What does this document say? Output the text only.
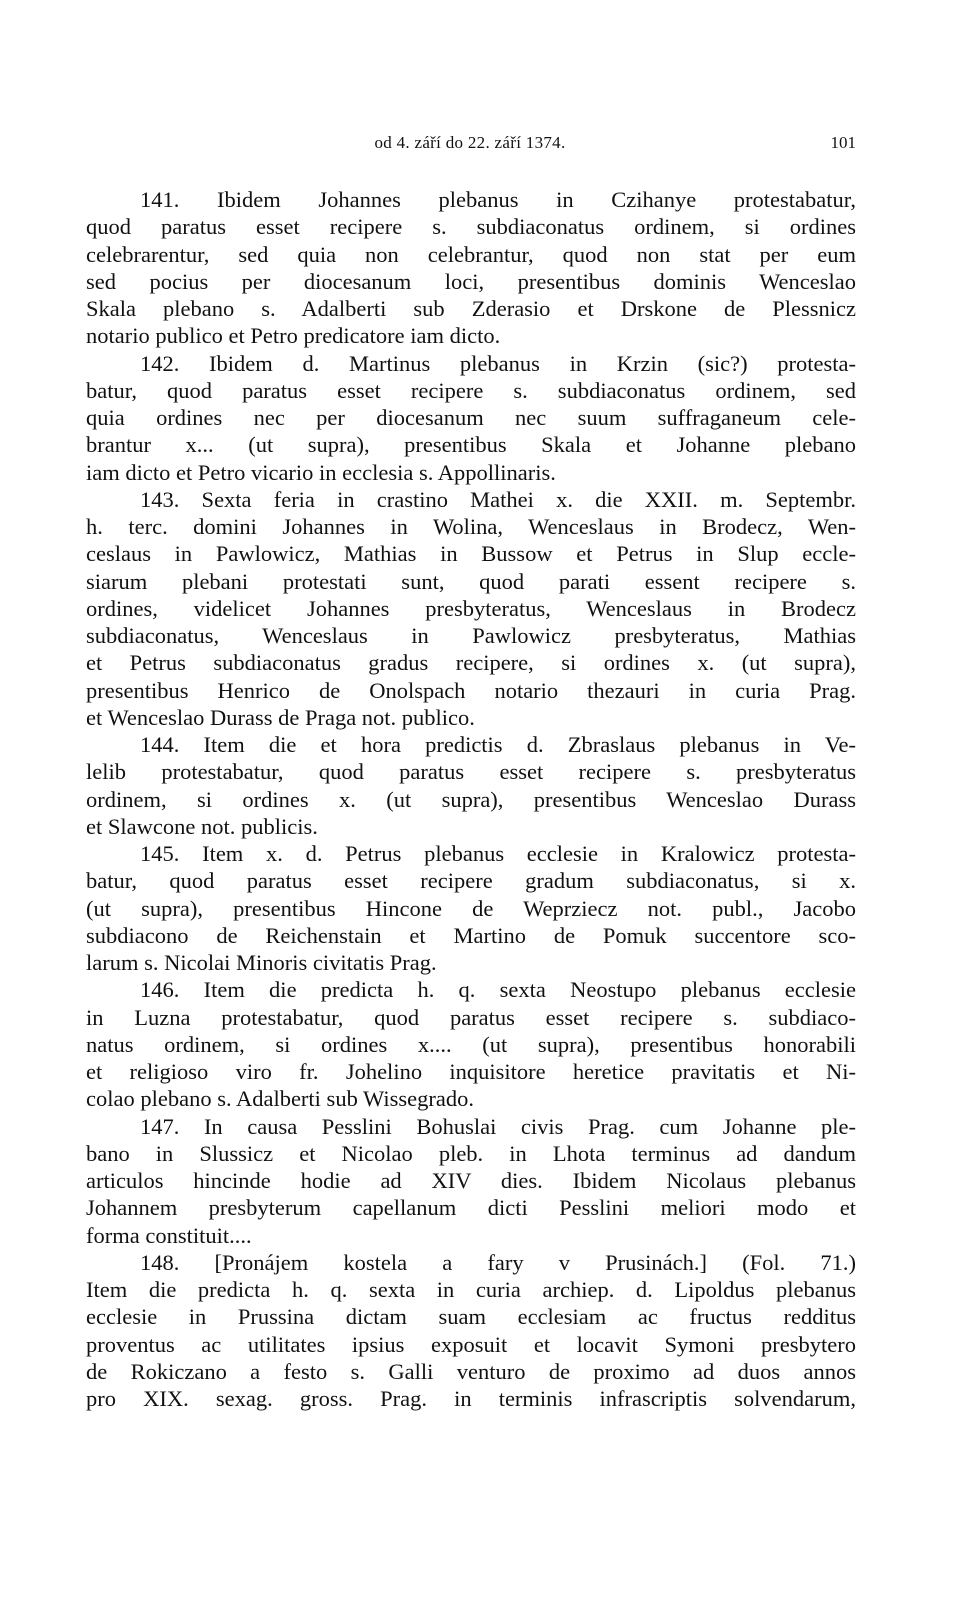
od 4. září do 22. září 1374.	101
141. Ibidem Johannes plebanus in Czihanye protestabatur,
quod paratus esset recipere s. subdiaconatus ordinem, si ordines
celebrarentur, sed quia non celebrantur, quod non stat per eum
sed pocius per diocesanum loci, presentibus dominis Wenceslao
Skala plebano s. Adalberti sub Zderasio et Drskone de Plessnicz
notario publico et Petro predicatore iam dicto.
142. Ibidem d. Martinus plebanus in Krzin (sic?) protesta-
batur, quod paratus esset recipere s. subdiaconatus ordinem, sed
quia ordines nec per diocesanum nec suum suffraganeum cele-
brantur x... (ut supra), presentibus Skala et Johanne plebano
iam dicto et Petro vicario in ecclesia s. Appollinaris.
143. Sexta feria in crastino Mathei x. die XXII. m. Septembr.
h. terc. domini Johannes in Wolina, Wenceslaus in Brodecz, Wen-
ceslaus in Pawlowicz, Mathias in Bussow et Petrus in Slup eccle-
siarum plebani protestati sunt, quod parati essent recipere s.
ordines, videlicet Johannes presbyteratus, Wenceslaus in Brodecz
subdiaconatus, Wenceslaus in Pawlowicz presbyteratus, Mathias
et Petrus subdiaconatus gradus recipere, si ordines x. (ut supra),
presentibus Henrico de Onolspach notario thezauri in curia Prag.
et Wenceslao Durass de Praga not. publico.
144. Item die et hora predictis d. Zbraslaus plebanus in Ve-
lelib protestabatur, quod paratus esset recipere s. presbyteratus
ordinem, si ordines x. (ut supra), presentibus Wenceslao Durass
et Slawcone not. publicis.
145. Item x. d. Petrus plebanus ecclesie in Kralowicz protesta-
batur, quod paratus esset recipere gradum subdiaconatus, si x.
(ut supra), presentibus Hincone de Weprziecz not. publ., Jacobo
subdiacono de Reichenstain et Martino de Pomuk succentore sco-
larum s. Nicolai Minoris civitatis Prag.
146. Item die predicta h. q. sexta Neostupo plebanus ecclesie
in Luzna protestabatur, quod paratus esset recipere s. subdiaco-
natus ordinem, si ordines x.... (ut supra), presentibus honorabili
et religioso viro fr. Johelino inquisitore heretice pravitatis et Ni-
colao plebano s. Adalberti sub Wissegrado.
147. In causa Pesslini Bohuslai civis Prag. cum Johanne ple-
bano in Slussicz et Nicolao pleb. in Lhota terminus ad dandum
articulos hincinde hodie ad XIV dies. Ibidem Nicolaus plebanus
Johannem presbyterum capellanum dicti Pesslini meliori modo et
forma constituit....
148. [Pronájem kostela a fary v Prusinách.] (Fol. 71.)
Item die predicta h. q. sexta in curia archiep. d. Lipoldus plebanus
ecclesie in Prussina dictam suam ecclesiam ac fructus redditus
proventus ac utilitates ipsius exposuit et locavit Symoni presbytero
de Rokiczano a festo s. Galli venturo de proximo ad duos annos
pro XIX. sexag. gross. Prag. in terminis infrascriptis solvendarum,
